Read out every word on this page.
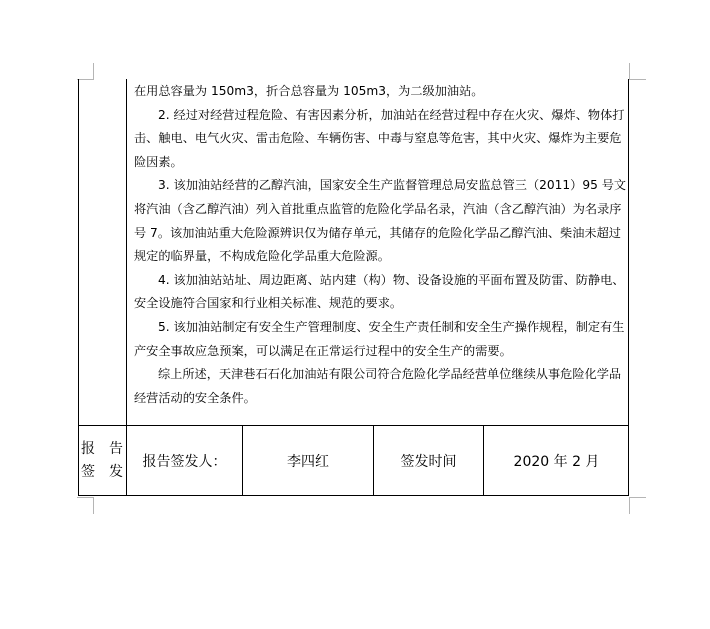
在用总容量为 150m3，折合总容量为 105m3，为二级加油站。

2. 经过对经营过程危险、有害因素分析，加油站在经营过程中存在火灾、爆炸、物体打击、触电、电气火灾、雷击危险、车辆伤害、中毒与窒息等危害，其中火灾、爆炸为主要危险因素。

3. 该加油站经营的乙醇汽油，国家安全生产监督管理总局安监总管三（2011）95 号文将汽油（含乙醇汽油）列入首批重点监管的危险化学品名录，汽油（含乙醇汽油）为名录序号 7。该加油站重大危险源辨识仅为储存单元，其储存的危险化学品乙醇汽油、柴油未超过规定的临界量，不构成危险化学品重大危险源。

4. 该加油站站址、周边距离、站内建（构）物、设备设施的平面布置及防雷、防静电、安全设施符合国家和行业相关标准、规范的要求。

5. 该加油站制定有安全生产管理制度、安全生产责任制和安全生产操作规程，制定有生产安全事故应急预案，可以满足在正常运行过程中的安全生产的需要。

综上所述，天津巷石石化加油站有限公司符合危险化学品经营单位继续从事危险化学品经营活动的安全条件。

报告
签发
报告签发人：	李四红	签发时间	2020 年 2 月
